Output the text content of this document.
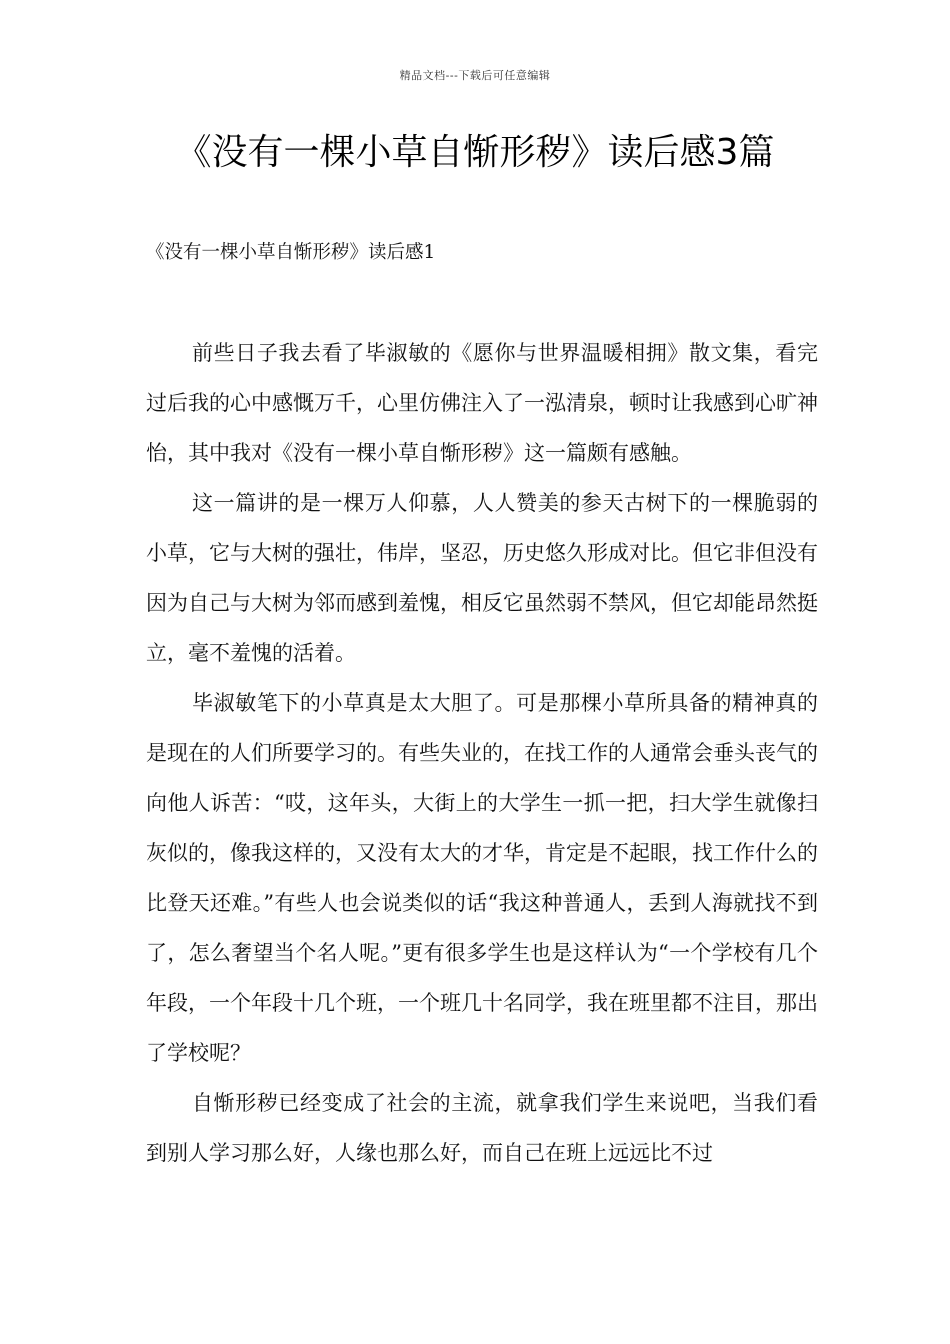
精品文档---下载后可任意编辑
《没有一棵小草自惭形秽》读后感3篇
《没有一棵小草自惭形秽》读后感1

前些日子我去看了毕淑敏的《愿你与世界温暖相拥》散文集，看完过后我的心中感慨万千，心里仿佛注入了一泓清泉，顿时让我感到心旷神怡，其中我对《没有一棵小草自惭形秽》这一篇颇有感触。

这一篇讲的是一棵万人仰慕，人人赞美的参天古树下的一棵脆弱的小草，它与大树的强壮，伟岸，坚忍，历史悠久形成对比。但它非但没有因为自己与大树为邻而感到羞愧，相反它虽然弱不禁风，但它却能昂然挺立，毫不羞愧的活着。

毕淑敏笔下的小草真是太大胆了。可是那棵小草所具备的精神真的是现在的人们所要学习的。有些失业的，在找工作的人通常会垂头丧气的向他人诉苦：“哎，这年头，大街上的大学生一抓一把，扫大学生就像扫灰似的，像我这样的，又没有太大的才华，肯定是不起眼，找工作什么的比登天还难。”有些人也会说类似的话“我这种普通人，丢到人海就找不到了，怎么奢望当个名人呢。”更有很多学生也是这样认为“一个学校有几个年段，一个年段十几个班，一个班几十名同学，我在班里都不注目，那出了学校呢？

自惭形秽已经变成了社会的主流，就拿我们学生来说吧，当我们看到别人学习那么好，人缘也那么好，而自己在班上远远比不过
